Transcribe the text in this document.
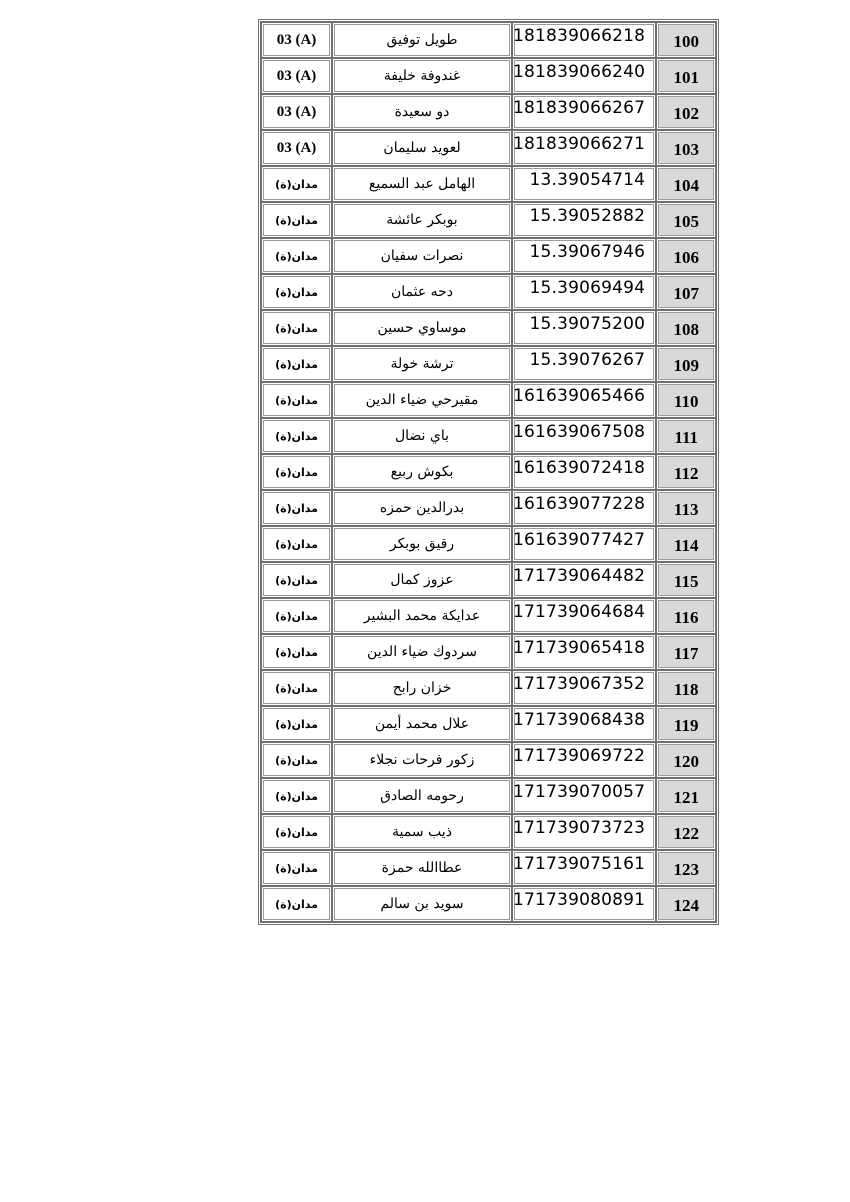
03 (A)	طويل توفيق	181839066218	100
03 (A)	غندوفة خليفة	181839066240	101
03 (A)	دو سعيدة	181839066267	102
03 (A)	لعويد سليمان	181839066271	103
مدان(ة)	الهامل عبد السميع	13.39054714	104
مدان(ة)	بوبكر عائشة	15.39052882	105
مدان(ة)	نصرات سفيان	15.39067946	106
مدان(ة)	دحه عثمان	15.39069494	107
مدان(ة)	موساوي حسين	15.39075200	108
مدان(ة)	ترشة خولة	15.39076267	109
مدان(ة)	مقيرحي ضياء الدين	161639065466	110
مدان(ة)	باي نضال	161639067508	111
مدان(ة)	بكوش ربيع	161639072418	112
مدان(ة)	بدرالدين حمزه	161639077228	113
مدان(ة)	رقيق بوبكر	161639077427	114
مدان(ة)	عزوز كمال	171739064482	115
مدان(ة)	عدايكة محمد البشير	171739064684	116
مدان(ة)	سردوك ضياء الدين	171739065418	117
مدان(ة)	خزان رابح	171739067352	118
مدان(ة)	علال محمد أيمن	171739068438	119
مدان(ة)	زكور فرحات نجلاء	171739069722	120
مدان(ة)	رحومه الصادق	171739070057	121
مدان(ة)	ذيب سمية	171739073723	122
مدان(ة)	عطاالله حمزة	171739075161	123
مدان(ة)	سويد بن سالم	171739080891	124
